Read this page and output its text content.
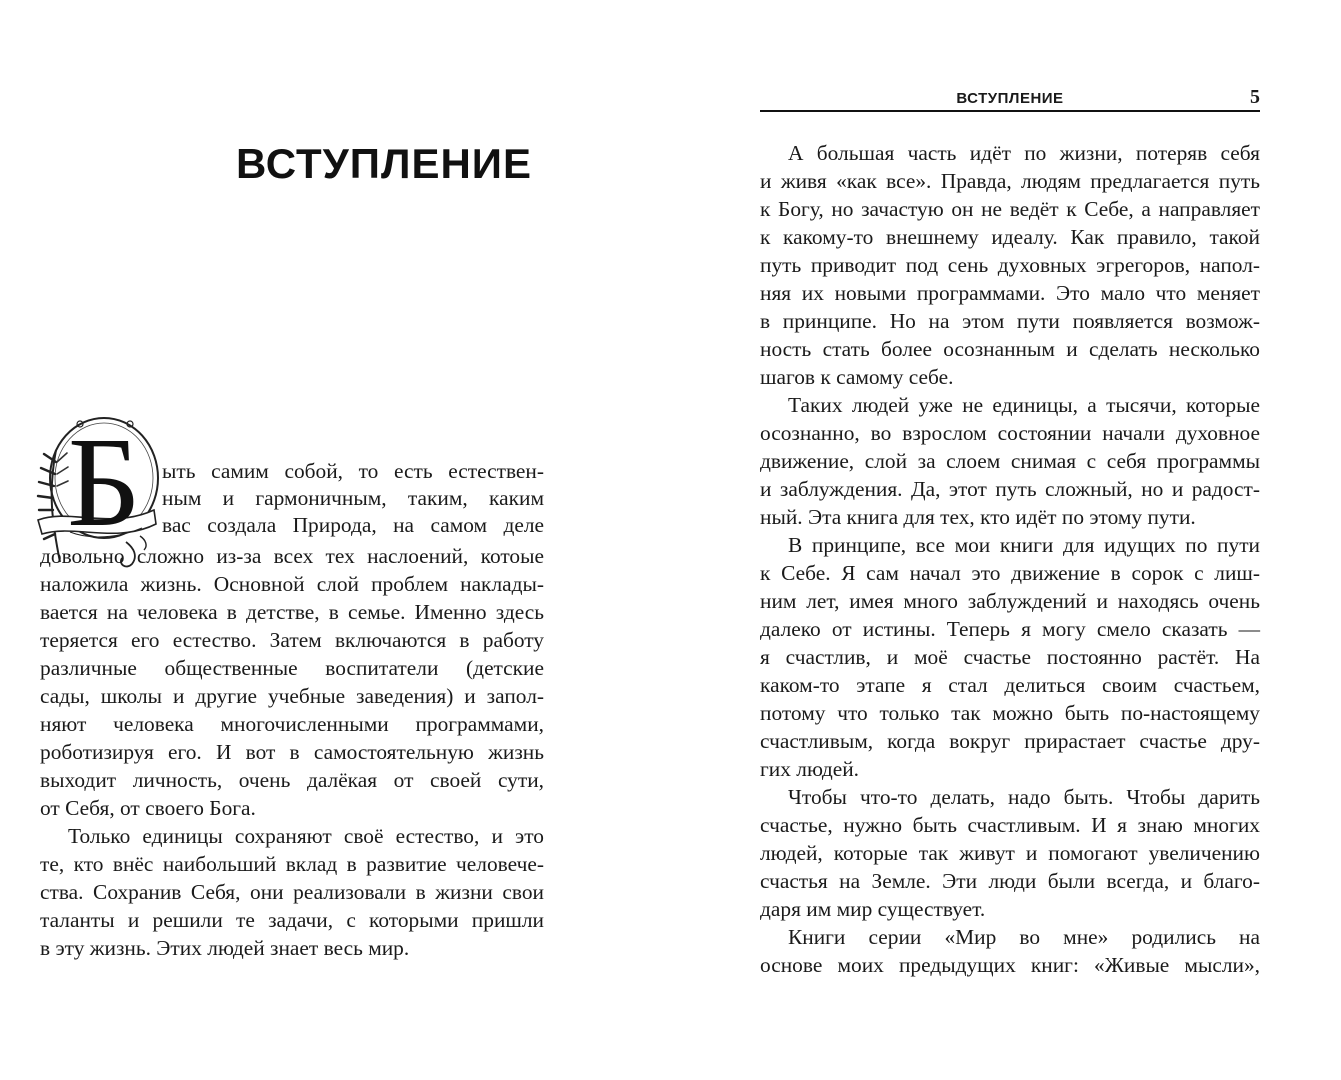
ВСТУПЛЕНИЕ
Б ыть самим собой, то есть естествен-
ным и гармоничным, таким, каким
вас создала Природа, на самом деле
довольно сложно из-за всех тех наслоений, котоые
наложила жизнь. Основной слой проблем наклады-
вается на человека в детстве, в семье. Именно здесь
теряется его естество. Затем включаются в работу
различные общественные воспитатели (детские
сады, школы и другие учебные заведения) и запол-
няют человека многочисленными программами,
роботизируя его. И вот в самостоятельную жизнь
выходит личность, очень далёкая от своей сути,
от Себя, от своего Бога.
Только единицы сохраняют своё естество, и это
те, кто внёс наибольший вклад в развитие человече-
ства. Сохранив Себя, они реализовали в жизни свои
таланты и решили те задачи, с которыми пришли
в эту жизнь. Этих людей знает весь мир.
ВСТУПЛЕНИЕ	5
А большая часть идёт по жизни, потеряв себя
и живя «как все». Правда, людям предлагается путь
к Богу, но зачастую он не ведёт к Себе, а направляет
к какому-то внешнему идеалу. Как правило, такой
путь приводит под сень духовных эгрегоров, напол-
няя их новыми программами. Это мало что меняет
в принципе. Но на этом пути появляется возмож-
ность стать более осознанным и сделать несколько
шагов к самому себе.
Таких людей уже не единицы, а тысячи, которые
осознанно, во взрослом состоянии начали духовное
движение, слой за слоем снимая с себя программы
и заблуждения. Да, этот путь сложный, но и радост-
ный. Эта книга для тех, кто идёт по этому пути.
В принципе, все мои книги для идущих по пути
к Себе. Я сам начал это движение в сорок с лиш-
ним лет, имея много заблуждений и находясь очень
далеко от истины. Теперь я могу смело сказать —
я счастлив, и моё счастье постоянно растёт. На
каком-то этапе я стал делиться своим счастьем,
потому что только так можно быть по-настоящему
счастливым, когда вокруг прирастает счастье дру-
гих людей.
Чтобы что-то делать, надо быть. Чтобы дарить
счастье, нужно быть счастливым. И я знаю многих
людей, которые так живут и помогают увеличению
счастья на Земле. Эти люди были всегда, и благо-
даря им мир существует.
Книги серии «Мир во мне» родились на
основе моих предыдущих книг: «Живые мысли»,
